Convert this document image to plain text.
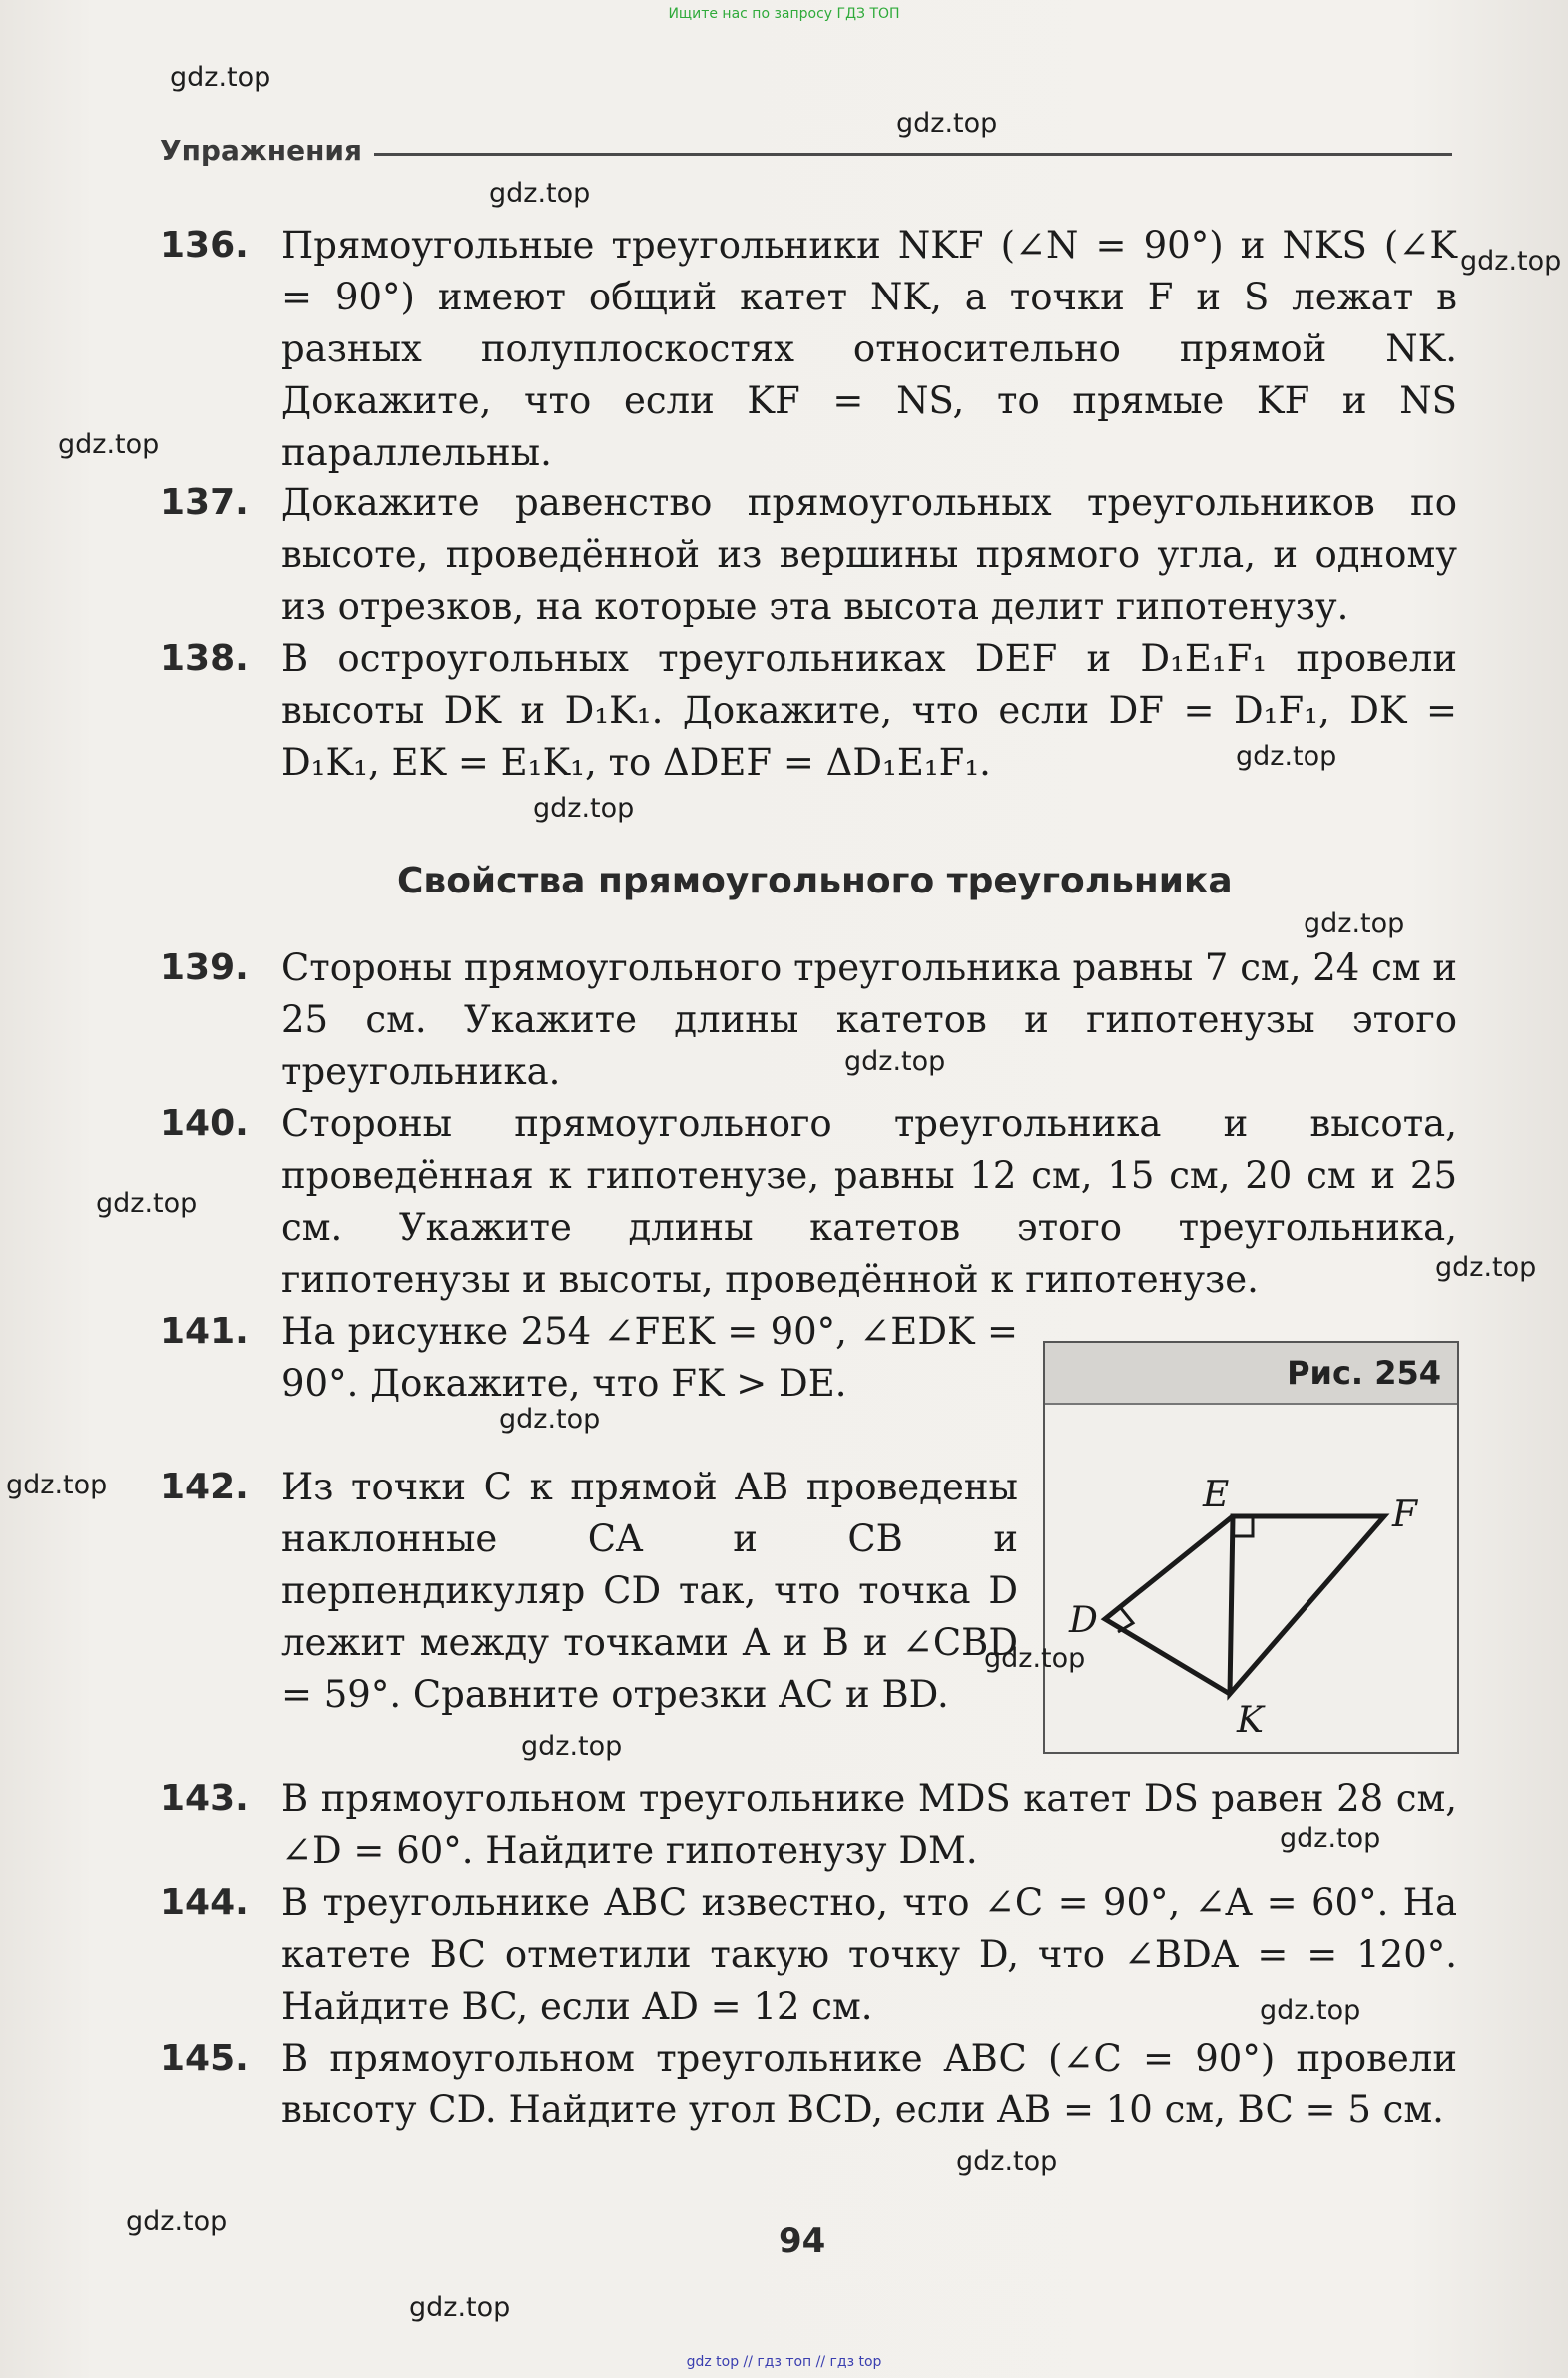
Ищите нас по запросу ГДЗ ТОП
Упражнения
136. Прямоугольные треугольники NKF (∠N = 90°) и NKS (∠K = 90°) имеют общий катет NK, а точки F и S лежат в разных полуплоскостях относительно прямой NK. Докажите, что если KF = NS, то прямые KF и NS параллельны.
137. Докажите равенство прямоугольных треугольников по высоте, проведённой из вершины прямого угла, и одному из отрезков, на которые эта высота делит гипотенузу.
138. В остроугольных треугольниках DEF и D₁E₁F₁ провели высоты DK и D₁K₁. Докажите, что если DF = D₁F₁, DK = D₁K₁, EK = E₁K₁, то ΔDEF = ΔD₁E₁F₁.
Свойства прямоугольного треугольника
139. Стороны прямоугольного треугольника равны 7 см, 24 см и 25 см. Укажите длины катетов и гипотенузы этого треугольника.
140. Стороны прямоугольного треугольника и высота, проведённая к гипотенузе, равны 12 см, 15 см, 20 см и 25 см. Укажите длины катетов этого треугольника, гипотенузы и высоты, проведённой к гипотенузе.
141. На рисунке 254 ∠FEK = 90°, ∠EDK = 90°. Докажите, что FK > DE.
142. Из точки C к прямой AB проведены наклонные CA и CB и перпендикуляр CD так, что точка D лежит между точками A и B и ∠CBD = 59°. Сравните отрезки AC и BD.
Рис. 254
E	F
D
K
143. В прямоугольном треугольнике MDS катет DS равен 28 см, ∠D = 60°. Найдите гипотенузу DM.
144. В треугольнике ABC известно, что ∠C = 90°, ∠A = 60°. На катете BC отметили такую точку D, что ∠BDA = = 120°. Найдите BC, если AD = 12 см.
145. В прямоугольном треугольнике ABC (∠C = 90°) провели высоту CD. Найдите угол BCD, если AB = 10 см, BC = 5 см.
94
gdz.top
gdz.top
gdz.top
gdz.top
gdz.top
gdz.top
gdz.top
gdz.top
gdz.top
gdz.top
gdz.top
gdz.top
gdz.top
gdz.top
gdz.top
gdz.top
gdz.top
gdz.top
gdz.top
gdz.top
gdz top // гдз топ // гдз top
